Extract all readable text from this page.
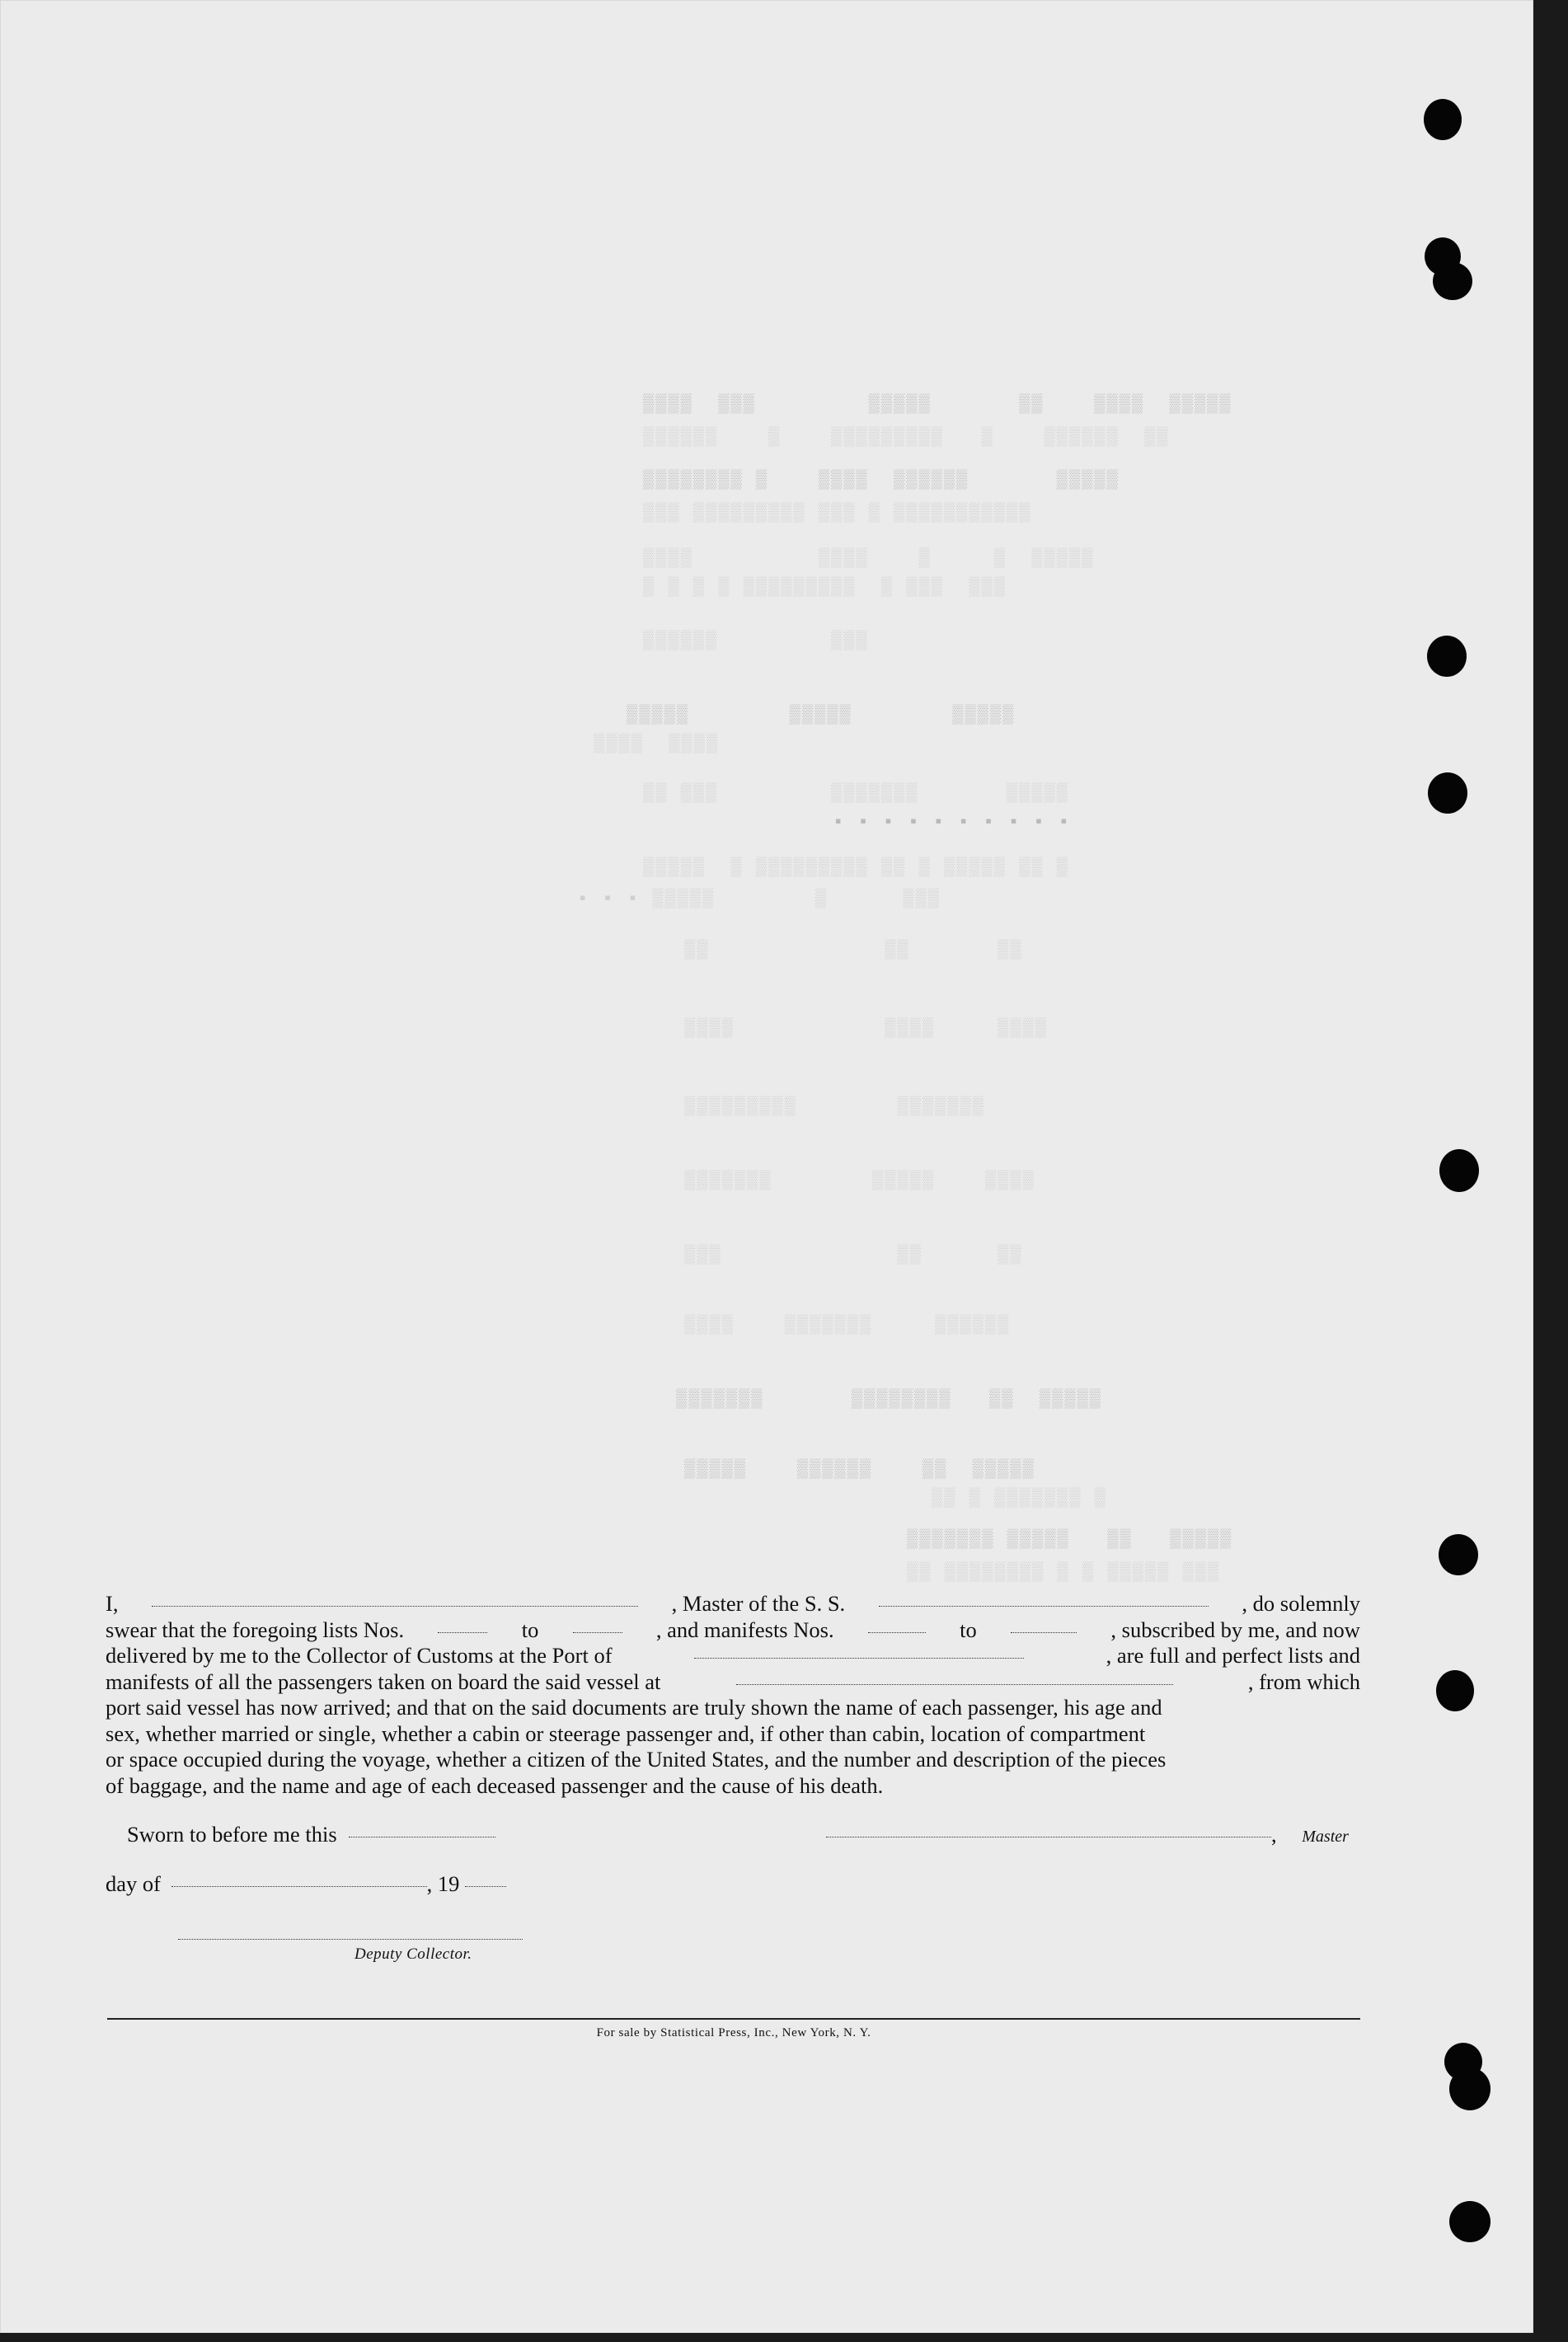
▒▒▒▒  ▒▒▒         ▒▒▒▒▒       ▒▒    ▒▒▒▒  ▒▒▒▒▒
▒▒▒▒▒▒    ▒    ▒▒▒▒▒▒▒▒▒   ▒    ▒▒▒▒▒▒  ▒▒
▒▒▒▒▒▒▒▒ ▒    ▒▒▒▒  ▒▒▒▒▒▒       ▒▒▒▒▒
▒▒▒ ▒▒▒▒▒▒▒▒▒ ▒▒▒ ▒ ▒▒▒▒▒▒▒▒▒▒▒
▒▒▒▒          ▒▒▒▒    ▒     ▒  ▒▒▒▒▒
▒ ▒ ▒ ▒ ▒▒▒▒▒▒▒▒▒  ▒ ▒▒▒  ▒▒▒
▒▒▒▒▒▒         ▒▒▒
▒▒▒▒▒        ▒▒▒▒▒        ▒▒▒▒▒
▒▒▒▒  ▒▒▒▒
▒▒ ▒▒▒         ▒▒▒▒▒▒▒       ▒▒▒▒▒
▪ ▪ ▪ ▪ ▪ ▪ ▪ ▪ ▪ ▪
▒▒▒▒▒  ▒ ▒▒▒▒▒▒▒▒▒ ▒▒ ▒ ▒▒▒▒▒ ▒▒ ▒
▪ ▪ ▪ ▒▒▒▒▒        ▒      ▒▒▒
▒▒              ▒▒       ▒▒
▒▒▒▒            ▒▒▒▒     ▒▒▒▒
▒▒▒▒▒▒▒▒▒        ▒▒▒▒▒▒▒
▒▒▒▒▒▒▒        ▒▒▒▒▒    ▒▒▒▒
▒▒▒              ▒▒      ▒▒
▒▒▒▒    ▒▒▒▒▒▒▒     ▒▒▒▒▒▒
▒▒▒▒▒▒▒       ▒▒▒▒▒▒▒▒   ▒▒  ▒▒▒▒▒
▒▒▒▒▒    ▒▒▒▒▒▒    ▒▒  ▒▒▒▒▒
▒▒ ▒ ▒▒▒▒▒▒▒ ▒
▒▒▒▒▒▒▒ ▒▒▒▒▒   ▒▒   ▒▒▒▒▒
▒▒ ▒▒▒▒▒▒▒▒ ▒ ▒ ▒▒▒▒▒ ▒▒▒
I,	, Master of the S. S.	, do solemnly
swear that the foregoing lists Nos.	to	, and manifests Nos.	to	, subscribed by me, and now
delivered by me to the Collector of Customs at the Port of	, are full and perfect lists and
manifests of all the passengers taken on board the said vessel at	, from which
port said vessel has now arrived; and that on the said documents are truly shown the name of each passenger, his age and
sex, whether married or single, whether a cabin or steerage passenger and, if other than cabin, location of compartment
or space occupied during the voyage, whether a citizen of the United States, and the number and description of the pieces
of baggage, and the name and age of each deceased passenger and the cause of his death.
Sworn to before me this	, Master
day of	, 19
Deputy Collector.
For sale by Statistical Press, Inc., New York, N. Y.
